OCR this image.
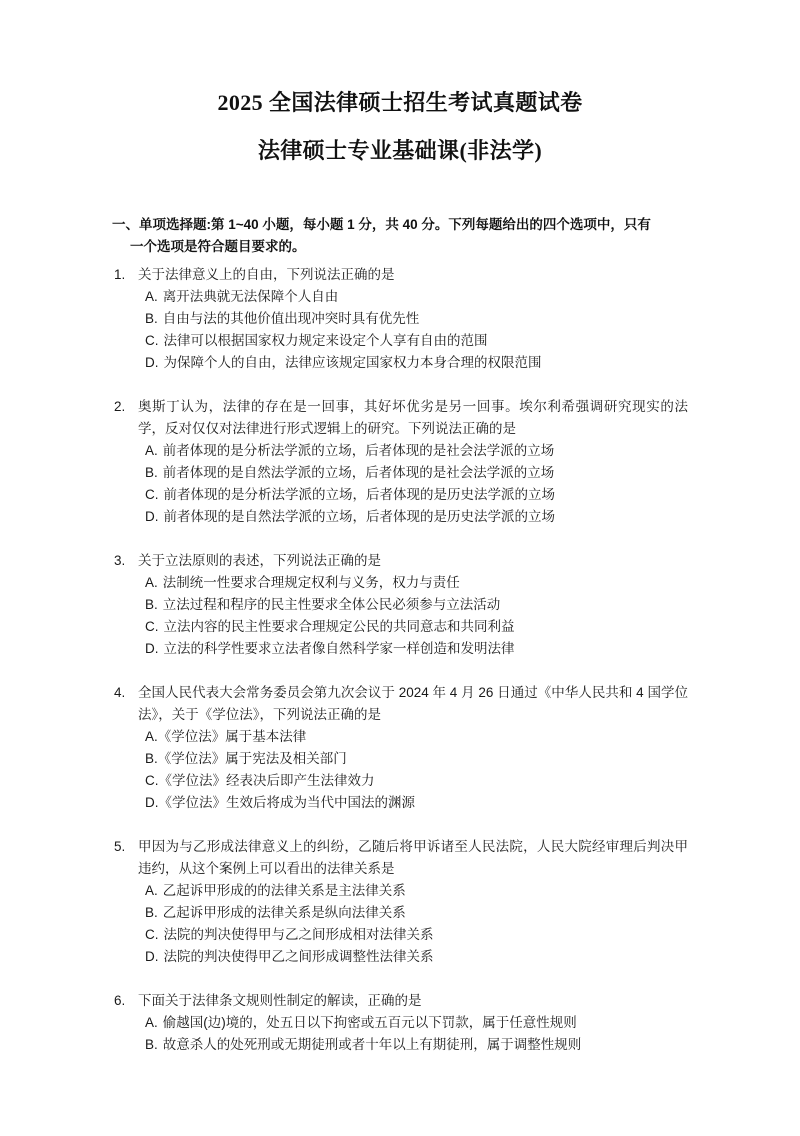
2025 全国法律硕士招生考试真题试卷
法律硕士专业基础课(非法学)
一、单项选择题:第 1~40 小题，每小题 1 分，共 40 分。下列每题给出的四个选项中，只有
一个选项是符合题目要求的。
1. 关于法律意义上的自由，下列说法正确的是
A. 离开法典就无法保障个人自由
B. 自由与法的其他价值出现冲突时具有优先性
C. 法律可以根据国家权力规定来设定个人享有自由的范围
D. 为保障个人的自由，法律应该规定国家权力本身合理的权限范围
2. 奥斯丁认为，法律的存在是一回事，其好坏优劣是另一回事。埃尔利希强调研究现实的法学，反对仅仅对法律进行形式逻辑上的研究。下列说法正确的是
A. 前者体现的是分析法学派的立场，后者体现的是社会法学派的立场
B. 前者体现的是自然法学派的立场，后者体现的是社会法学派的立场
C. 前者体现的是分析法学派的立场，后者体现的是历史法学派的立场
D. 前者体现的是自然法学派的立场，后者体现的是历史法学派的立场
3. 关于立法原则的表述，下列说法正确的是
A. 法制统一性要求合理规定权利与义务，权力与责任
B. 立法过程和程序的民主性要求全体公民必须参与立法活动
C. 立法内容的民主性要求合理规定公民的共同意志和共同利益
D. 立法的科学性要求立法者像自然科学家一样创造和发明法律
4. 全国人民代表大会常务委员会第九次会议于 2024 年 4 月 26 日通过《中华人民共和 4 国学位法》，关于《学位法》，下列说法正确的是
A. 《学位法》属于基本法律
B. 《学位法》属于宪法及相关部门
C. 《学位法》经表决后即产生法律效力
D. 《学位法》生效后将成为当代中国法的渊源
5. 甲因为与乙形成法律意义上的纠纷，乙随后将甲诉诸至人民法院，人民大院经审理后判决甲违约，从这个案例上可以看出的法律关系是
A. 乙起诉甲形成的的法律关系是主法律关系
B. 乙起诉甲形成的法律关系是纵向法律关系
C. 法院的判决使得甲与乙之间形成相对法律关系
D. 法院的判决使得甲乙之间形成调整性法律关系
6. 下面关于法律条文规则性制定的解读，正确的是
A. 偷越国(边)境的，处五日以下拘密或五百元以下罚款，属于任意性规则
B. 故意杀人的处死刑或无期徒刑或者十年以上有期徒刑，属于调整性规则
